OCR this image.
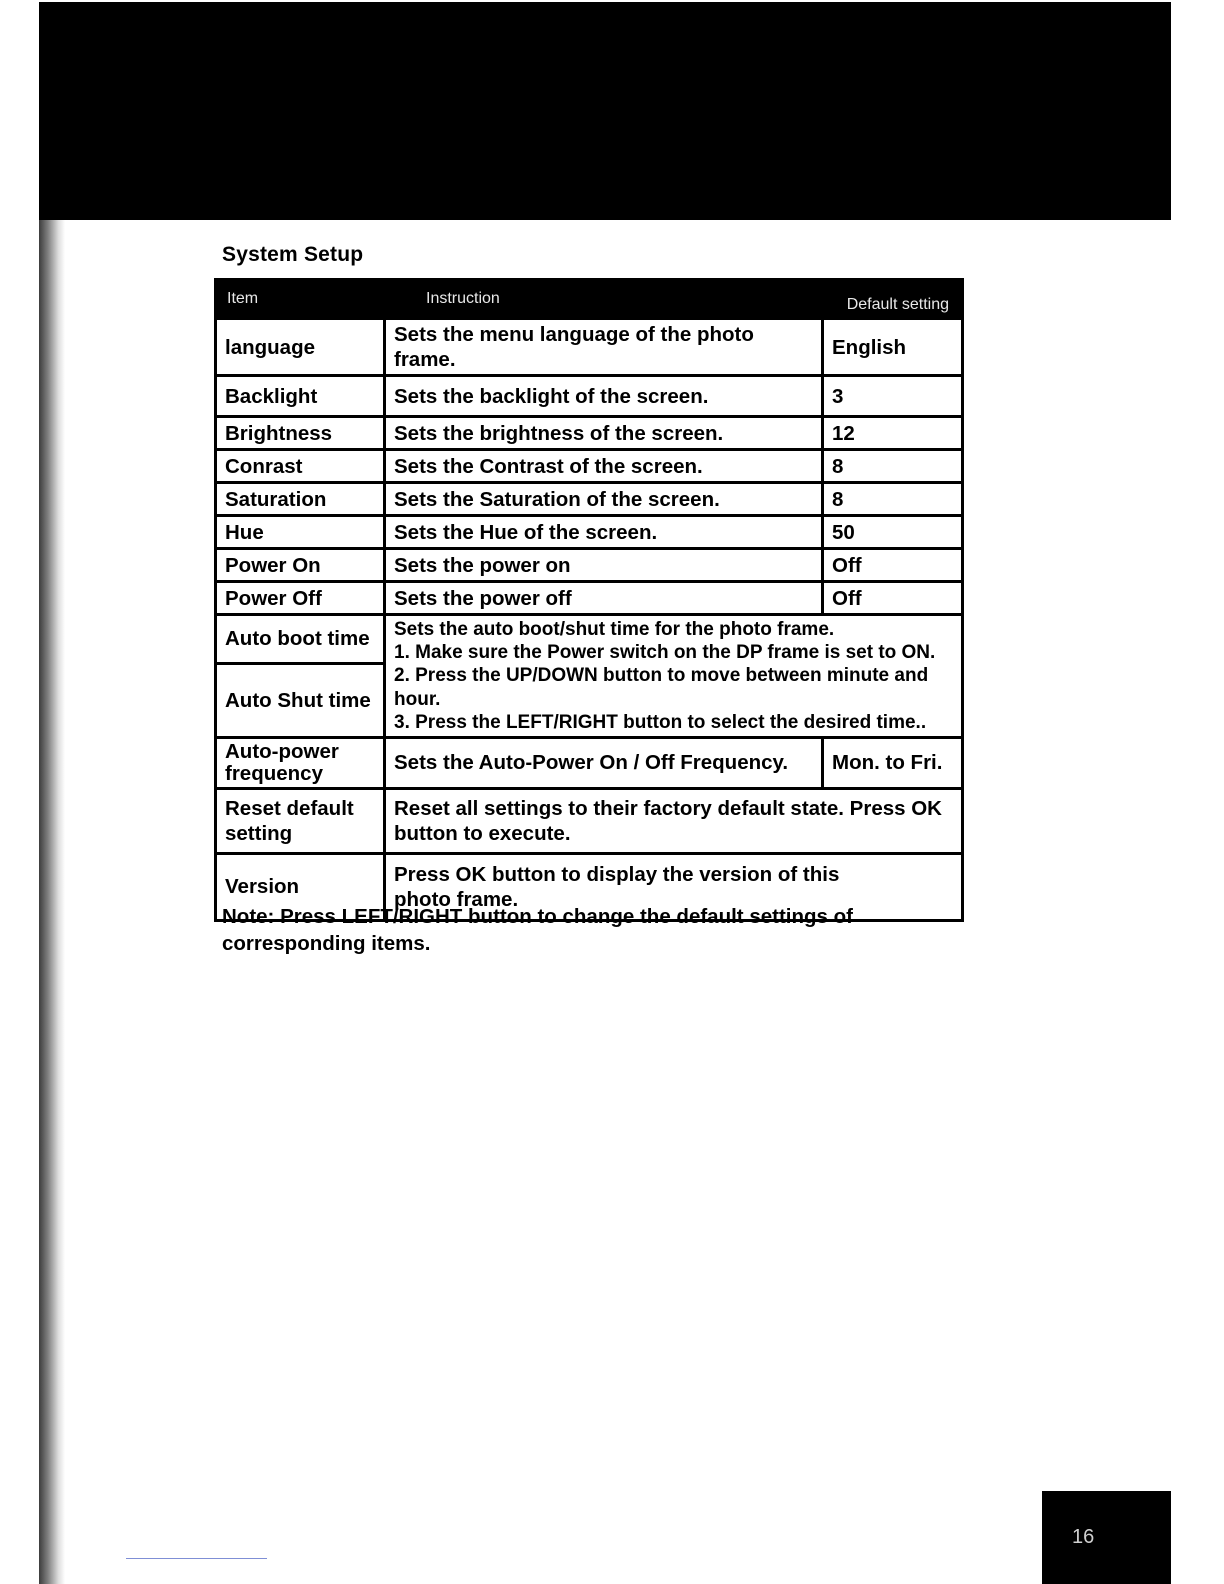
System Setup
Item	Instruction	Default setting
language	Sets the menu language of the photo frame.	English
Backlight	Sets the backlight of the screen.	3
Brightness	Sets the brightness of the screen.	12
Conrast	Sets the Contrast of the screen.	8
Saturation	Sets the Saturation of the screen.	8
Hue	Sets the Hue of the screen.	50
Power On	Sets the power on	Off
Power Off	Sets the power off	Off
Auto boot time	Sets the auto boot/shut time for the photo frame.
1. Make sure the Power switch on the DP frame is set to ON.
2. Press the UP/DOWN button to move between minute and
hour.
3. Press the LEFT/RIGHT button to select the desired time..	

Auto Shut time		
Auto-power frequency	Sets the Auto-Power On / Off Frequency.	Mon. to Fri.
Reset default setting	Reset all settings to their factory default state. Press OK button to execute.	
Version	Press OK button to display the version of this photo frame.	
Note: Press LEFT/RIGHT button to change the default settings of corresponding items.
16
